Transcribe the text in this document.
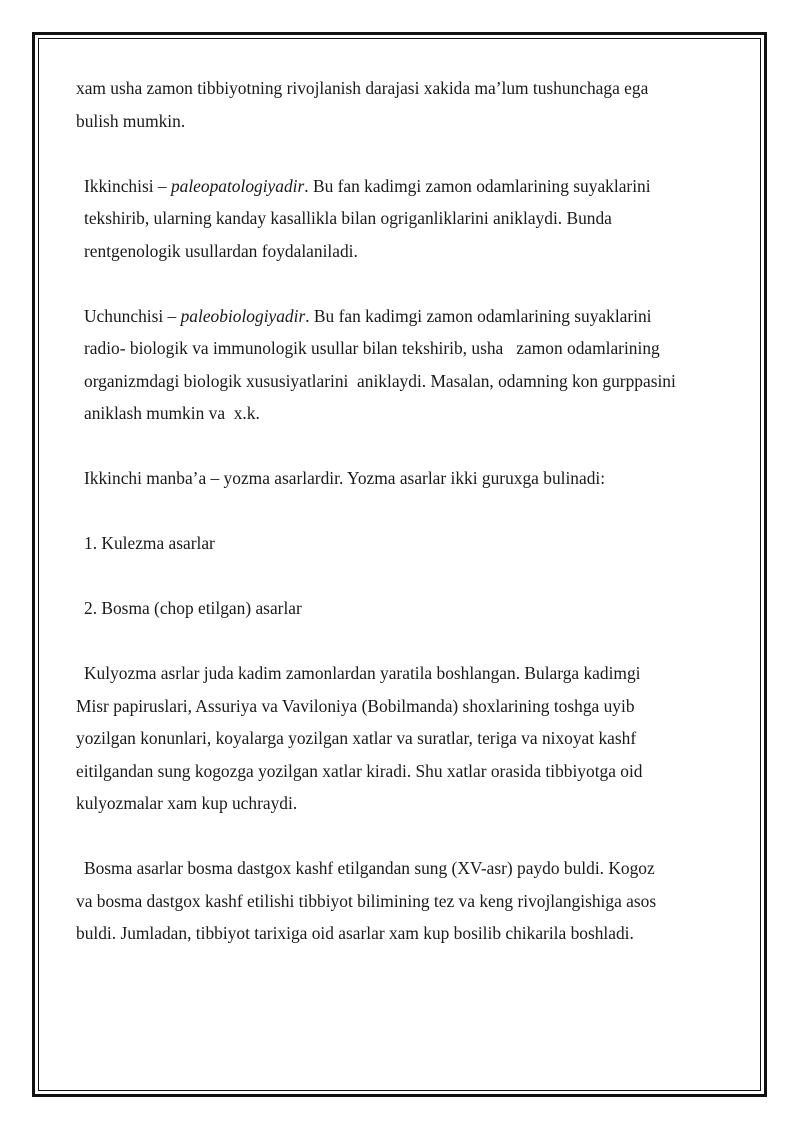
xam usha zamon tibbiyotning rivojlanish darajasi xakida ma’lum tushunchaga ega
bulish mumkin.

Ikkinchisi – paleopatologiyadir. Bu fan kadimgi zamon odamlarining suyaklarini
tekshirib, ularning kanday kasallikla bilan ogriganliklarini aniklaydi. Bunda
rentgenologik usullardan foydalaniladi.

Uchunchisi – paleobiologiyadir. Bu fan kadimgi zamon odamlarining suyaklarini
radio- biologik va immunologik usullar bilan tekshirib, usha   zamon odamlarining
organizmdagi biologik xususiyatlarini  aniklaydi. Masalan, odamning kon gurppasini
aniklash mumkin va  x.k.

Ikkinchi manba’a – yozma asarlardir. Yozma asarlar ikki guruxga bulinadi:

1. Kulezma asarlar

2. Bosma (chop etilgan) asarlar

Kulyozma asrlar juda kadim zamonlardan yaratila boshlangan. Bularga kadimgi
Misr papiruslari, Assuriya va Vaviloniya (Bobilmanda) shoxlarining toshga uyib
yozilgan konunlari, koyalarga yozilgan xatlar va suratlar, teriga va nixoyat kashf
eitilgandan sung kogozga yozilgan xatlar kiradi. Shu xatlar orasida tibbiyotga oid
kulyozmalar xam kup uchraydi.

Bosma asarlar bosma dastgox kashf etilgandan sung (XV-asr) paydo buldi. Kogoz
va bosma dastgox kashf etilishi tibbiyot bilimining tez va keng rivojlangishiga asos
buldi. Jumladan, tibbiyot tarixiga oid asarlar xam kup bosilib chikarila boshladi.
